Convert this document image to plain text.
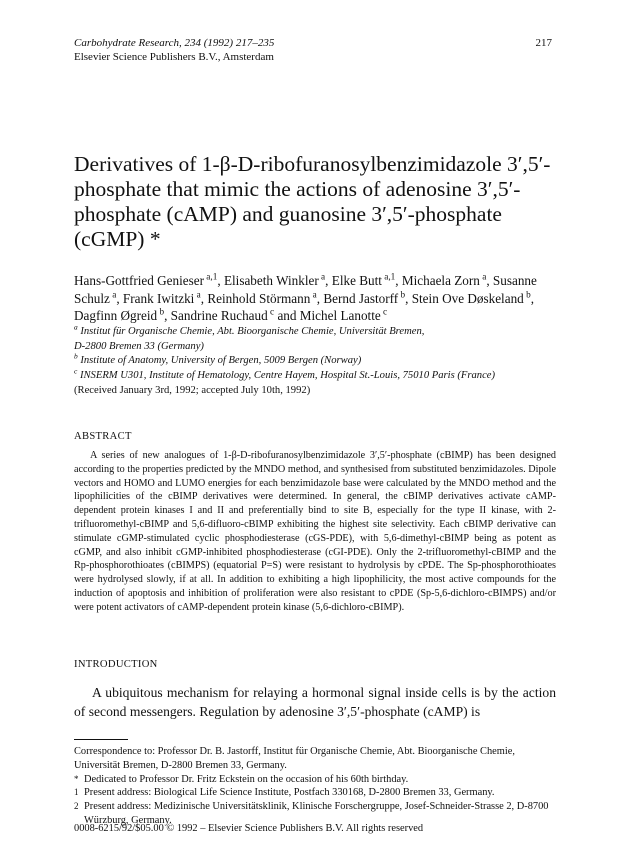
Carbohydrate Research, 234 (1992) 217–235
Elsevier Science Publishers B.V., Amsterdam
217
Derivatives of 1-β-D-ribofuranosylbenzimidazole 3′,5′-phosphate that mimic the actions of adenosine 3′,5′-phosphate (cAMP) and guanosine 3′,5′-phosphate (cGMP) *
Hans-Gottfried Genieser $^{a,1}$, Elisabeth Winkler $^a$, Elke Butt $^{a,1}$, Michaela Zorn $^a$, Susanne Schulz $^a$, Frank Iwitzki $^a$, Reinhold Störmann $^a$, Bernd Jastorff $^b$, Stein Ove Døskeland $^b$, Dagfinn Øgreid $^b$, Sandrine Ruchaud $^c$ and Michel Lanotte $^c$
$^a$ Institut für Organische Chemie, Abt. Bioorganische Chemie, Universität Bremen,
D-2800 Bremen 33 (Germany)
$^b$ Institute of Anatomy, University of Bergen, 5009 Bergen (Norway)
$^c$ INSERM U301, Institute of Hematology, Centre Hayem, Hospital St.-Louis, 75010 Paris (France)
(Received January 3rd, 1992; accepted July 10th, 1992)
ABSTRACT

A series of new analogues of 1-β-D-ribofuranosylbenzimidazole 3′,5′-phosphate (cBIMP) has been designed according to the properties predicted by the MNDO method, and synthesised from substituted benzimidazoles. Dipole vectors and HOMO and LUMO energies for each benzimidazole base were calculated by the MNDO method and the lipophilicities of the cBIMP derivatives were determined. In general, the cBIMP derivatives activate cAMP-dependent protein kinases I and II and preferentially bind to site B, especially for the type II kinase, with 2-trifluoromethyl-cBIMP and 5,6-difluoro-cBIMP exhibiting the highest site selectivity. Each cBIMP derivative can stimulate cGMP-stimulated cyclic phosphodiesterase (cGS-PDE), with 5,6-dimethyl-cBIMP being as potent as cGMP, and also inhibit cGMP-inhibited phosphodiesterase (cGI-PDE). Only the 2-trifluoromethyl-cBIMP and the Rp-phosphorothioates (cBIMPS) (equatorial P=S) were resistant to hydrolysis by cPDE. The Sp-phosphorothioates were hydrolysed slowly, if at all. In addition to exhibiting a high lipophilicity, the most active compounds for the induction of apoptosis and inhibition of proliferation were also resistant to cPDE (Sp-5,6-dichloro-cBIMPS) and/or were potent activators of cAMP-dependent protein kinase (5,6-dichloro-cBIMP).

INTRODUCTION

A ubiquitous mechanism for relaying a hormonal signal inside cells is by the action of second messengers. Regulation by adenosine 3′,5′-phosphate (cAMP) is

Correspondence to: Professor Dr. B. Jastorff, Institut für Organische Chemie, Abt. Bioorganische Chemie, Universität Bremen, D-2800 Bremen 33, Germany.
* Dedicated to Professor Dr. Fritz Eckstein on the occasion of his 60th birthday.
1 Present address: Biological Life Science Institute, Postfach 330168, D-2800 Bremen 33, Germany.
2 Present address: Medizinische Universitätsklinik, Klinische Forschergruppe, Josef-Schneider-Strasse 2, D-8700 Würzburg, Germany.
0008-6215/92/$05.00 © 1992 – Elsevier Science Publishers B.V. All rights reserved
